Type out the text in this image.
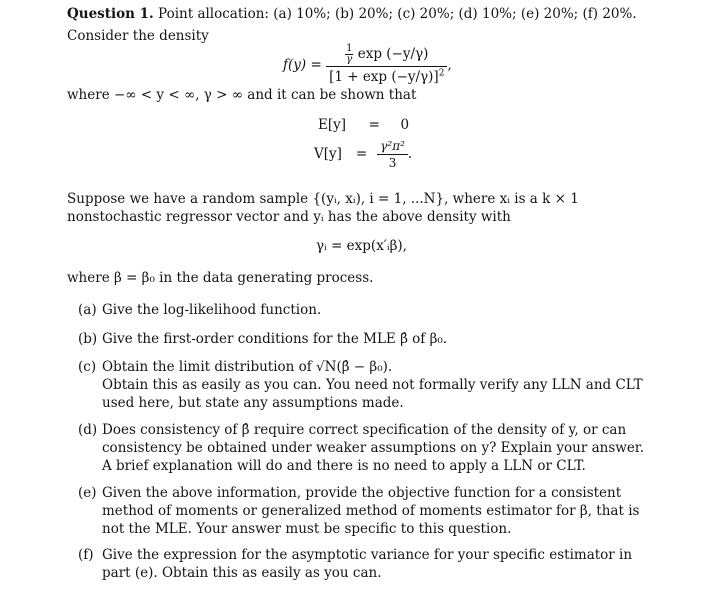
Question 1. Point allocation: (a) 10%; (b) 20%; (c) 20%; (d) 10%; (e) 20%; (f) 20%.
Consider the density
f(y) =
$\frac{\frac{1}{\gamma} \exp (-y/\gamma)}{[1 + \exp (-y/\gamma)]^2}$ ,
where −∞ < y < ∞, γ > ∞ and it can be shown that
E[y] = 0
$V[y] = \frac{\text{γ²π²}}{3}$ .
Suppose we have a random sample {(yᵢ, xᵢ), i = 1, ...N}, where xᵢ is a k × 1 nonstochastic regressor vector and yᵢ has the above density with
γᵢ = exp(x′ᵢβ),
where β = β₀ in the data generating process.
(a) Give the log-likelihood function.
(b) Give the first-order conditions for the MLE β̂ of β₀.
(c) Obtain the limit distribution of √N(β̂ − β₀).
Obtain this as easily as you can. You need not formally verify any LLN and CLT used here, but state any assumptions made.
(d) Does consistency of β̂ require correct specification of the density of y, or can consistency be obtained under weaker assumptions on y? Explain your answer. A brief explanation will do and there is no need to apply a LLN or CLT.
(e) Given the above information, provide the objective function for a consistent method of moments or generalized method of moments estimator for β, that is not the MLE. Your answer must be specific to this question.
(f) Give the expression for the asymptotic variance for your specific estimator in part (e). Obtain this as easily as you can.
